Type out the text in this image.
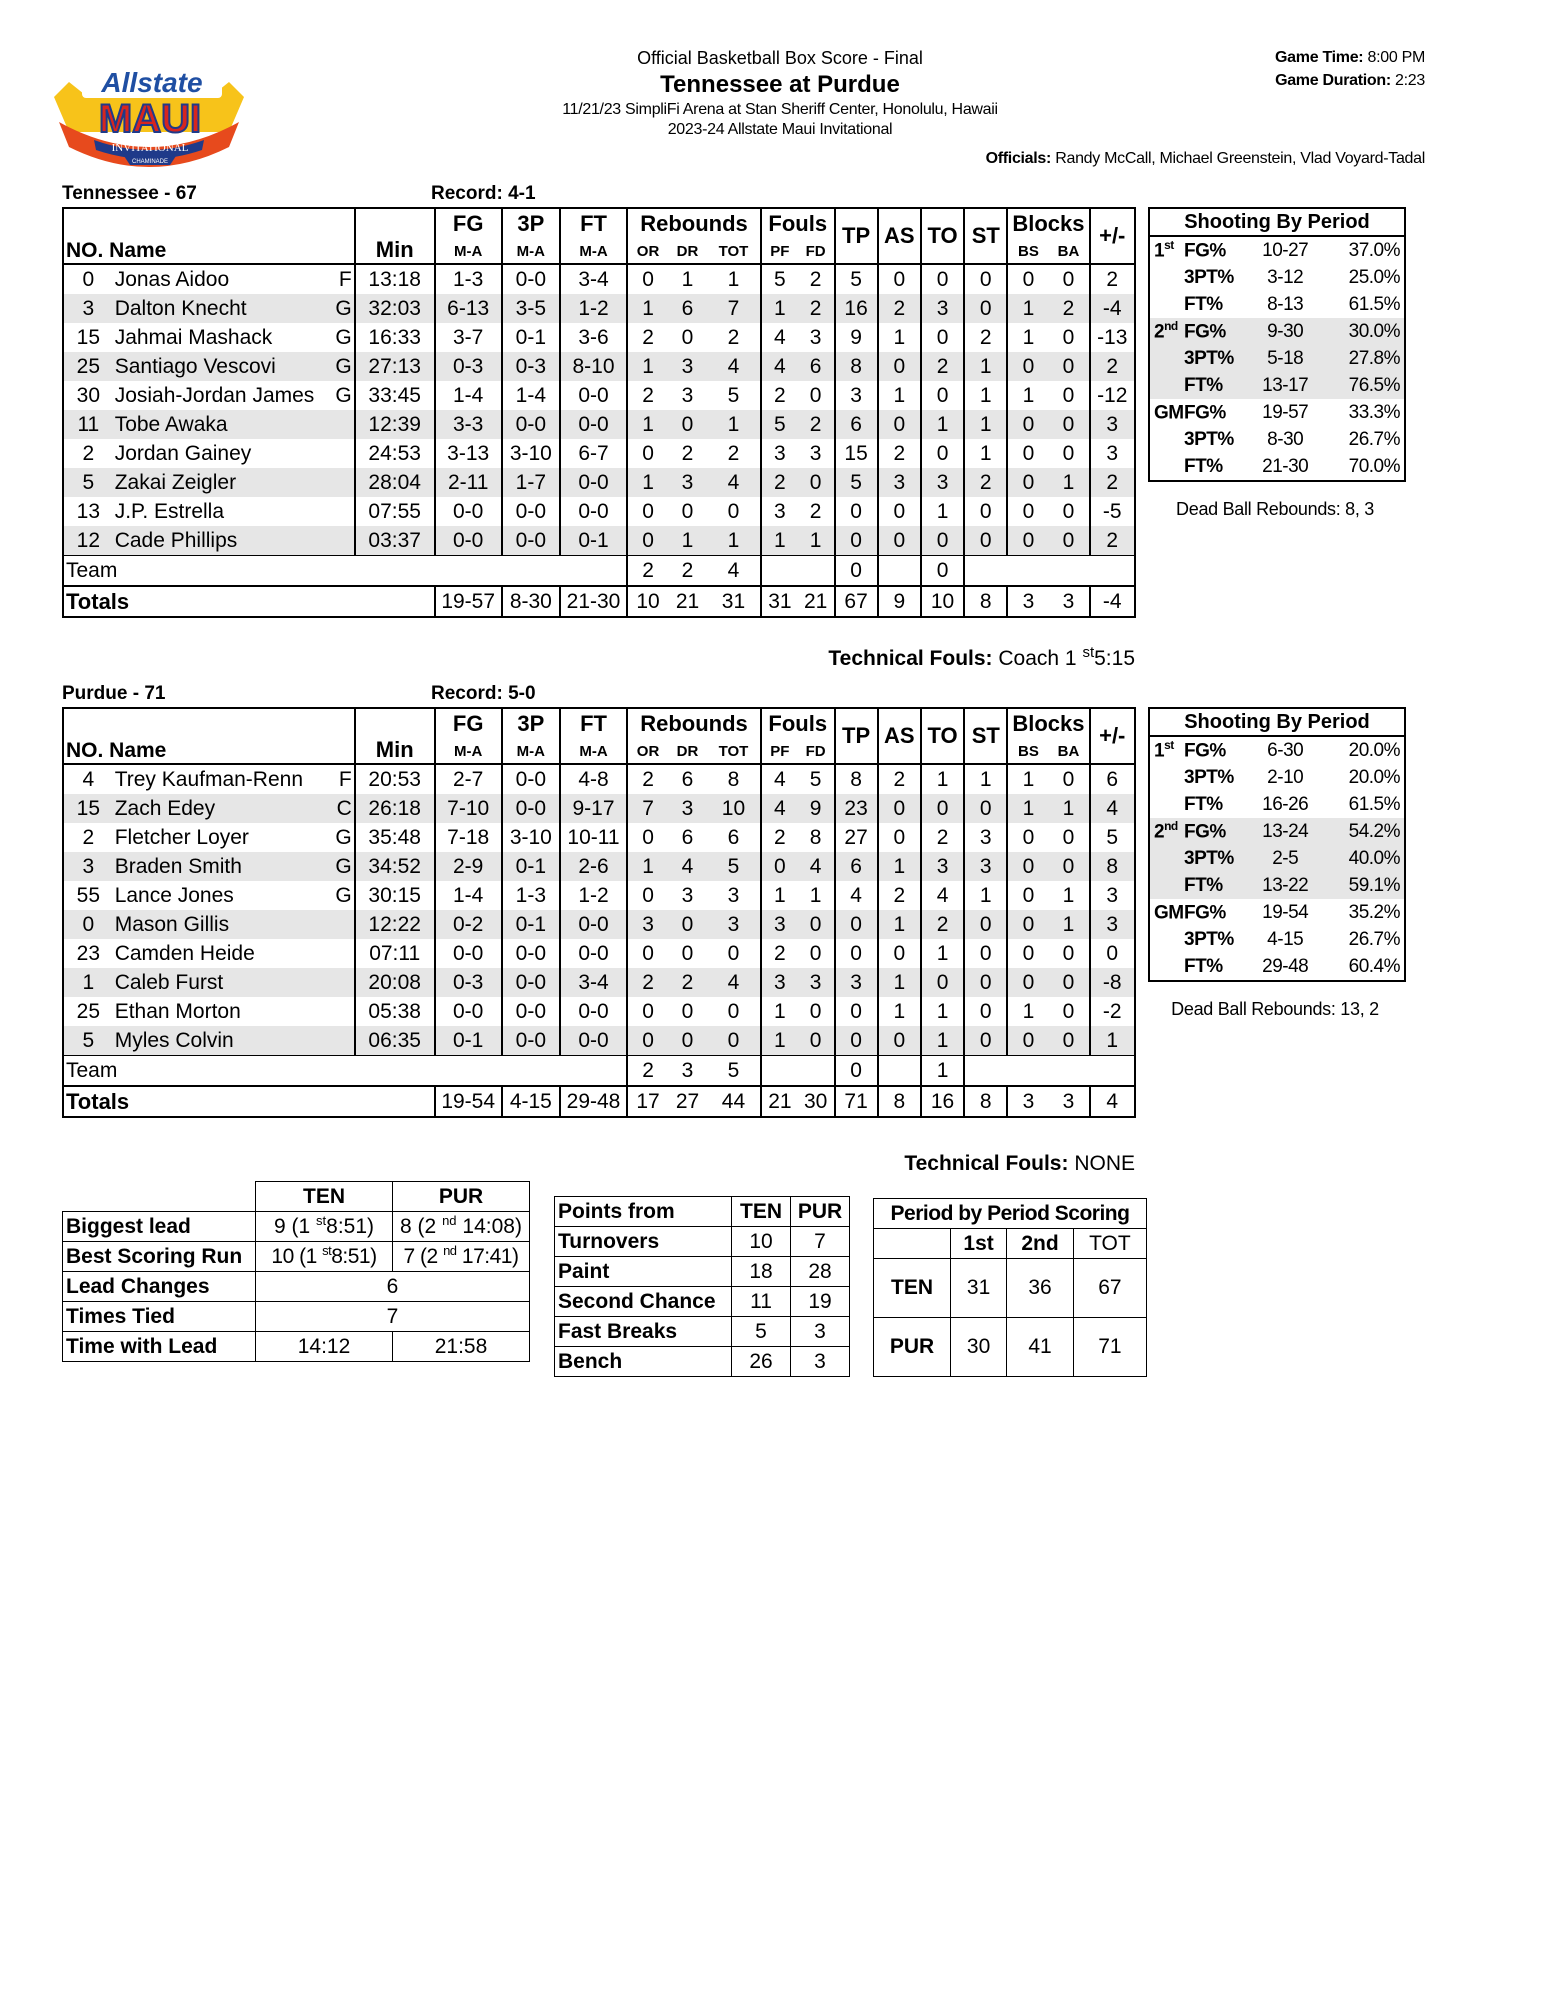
Allstate
MAUI
INVITATIONAL
CHAMINADE
Official Basketball Box Score - Final
Tennessee at Purdue
11/21/23 SimpliFi Arena at Stan Sheriff Center, Honolulu, Hawaii
2023-24 Allstate Maui Invitational
Game Time: 8:00 PM
Game Duration: 2:23
Officials: Randy McCall, Michael Greenstein, Vlad Voyard-Tadal
Tennessee - 67	Record: 4-1
			Min	FG	3P	FT	Rebounds			Fouls		TP	AS	TO	ST	Blocks		+/-
NO. Name				M-A	M-A	M-A	OR	DR	TOT	PF	FD					BS	BA	
0	Jonas Aidoo	F	13:18	1-3	0-0	3-4	0	1	1	5	2	5	0	0	0	0	0	2
3	Dalton Knecht	G	32:03	6-13	3-5	1-2	1	6	7	1	2	16	2	3	0	1	2	-4
15	Jahmai Mashack	G	16:33	3-7	0-1	3-6	2	0	2	4	3	9	1	0	2	1	0	-13
25	Santiago Vescovi	G	27:13	0-3	0-3	8-10	1	3	4	4	6	8	0	2	1	0	0	2
30	Josiah-Jordan James	G	33:45	1-4	1-4	0-0	2	3	5	2	0	3	1	0	1	1	0	-12
11	Tobe Awaka		12:39	3-3	0-0	0-0	1	0	1	5	2	6	0	1	1	0	0	3
2	Jordan Gainey		24:53	3-13	3-10	6-7	0	2	2	3	3	15	2	0	1	0	0	3
5	Zakai Zeigler		28:04	2-11	1-7	0-0	1	3	4	2	0	5	3	3	2	0	1	2
13	J.P. Estrella		07:55	0-0	0-0	0-0	0	0	0	3	2	0	0	1	0	0	0	-5
12	Cade Phillips		03:37	0-0	0-0	0-1	0	1	1	1	1	0	0	0	0	0	0	2
Team							2	2	4			0		0				
Totals				19-57	8-30	21-30	10	21	31	31	21	67	9	10	8	3	3	-4
Technical Fouls: Coach 1 $^{st}$5:15
Shooting By Period
1st FG%	10-27	37.0%
3PT%	3-12	25.0%
FT%	8-13	61.5%
2nd FG%	9-30	30.0%
3PT%	5-18	27.8%
FT%	13-17	76.5%
GMFG%	19-57	33.3%
3PT%	8-30	26.7%
FT%	21-30	70.0%
Dead Ball Rebounds: 8, 3
Purdue - 71	Record: 5-0
			Min	FG	3P	FT	Rebounds			Fouls		TP	AS	TO	ST	Blocks		+/-
NO. Name				M-A	M-A	M-A	OR	DR	TOT	PF	FD					BS	BA	
4	Trey Kaufman-Renn	F	20:53	2-7	0-0	4-8	2	6	8	4	5	8	2	1	1	1	0	6
15	Zach Edey	C	26:18	7-10	0-0	9-17	7	3	10	4	9	23	0	0	0	1	1	4
2	Fletcher Loyer	G	35:48	7-18	3-10	10-11	0	6	6	2	8	27	0	2	3	0	0	5
3	Braden Smith	G	34:52	2-9	0-1	2-6	1	4	5	0	4	6	1	3	3	0	0	8
55	Lance Jones	G	30:15	1-4	1-3	1-2	0	3	3	1	1	4	2	4	1	0	1	3
0	Mason Gillis		12:22	0-2	0-1	0-0	3	0	3	3	0	0	1	2	0	0	1	3
23	Camden Heide		07:11	0-0	0-0	0-0	0	0	0	2	0	0	0	1	0	0	0	0
1	Caleb Furst		20:08	0-3	0-0	3-4	2	2	4	3	3	3	1	0	0	0	0	-8
25	Ethan Morton		05:38	0-0	0-0	0-0	0	0	0	1	0	0	1	1	0	1	0	-2
5	Myles Colvin		06:35	0-1	0-0	0-0	0	0	0	1	0	0	0	1	0	0	0	1
Team							2	3	5			0		1				
Totals				19-54	4-15	29-48	17	27	44	21	30	71	8	16	8	3	3	4
Technical Fouls: NONE
Shooting By Period
1st FG%	6-30	20.0%
3PT%	2-10	20.0%
FT%	16-26	61.5%
2nd FG%	13-24	54.2%
3PT%	2-5	40.0%
FT%	13-22	59.1%
GMFG%	19-54	35.2%
3PT%	4-15	26.7%
FT%	29-48	60.4%
Dead Ball Rebounds: 13, 2
	TEN	PUR
Biggest lead	9 (1 $^{st}$8:51)	8 (2 $^{nd}$ 14:08)
Best Scoring Run	10 (1 $^{st}$8:51)	7 (2 $^{nd}$ 17:41)
Lead Changes	6	
Times Tied	7	
Time with Lead	14:12	21:58
Points from	TEN	PUR
Turnovers	10	7
Paint	18	28
Second Chance	11	19
Fast Breaks	5	3
Bench	26	3
Period by Period Scoring			
	1st	2nd	TOT
TEN	31	36	67
PUR	30	41	71
